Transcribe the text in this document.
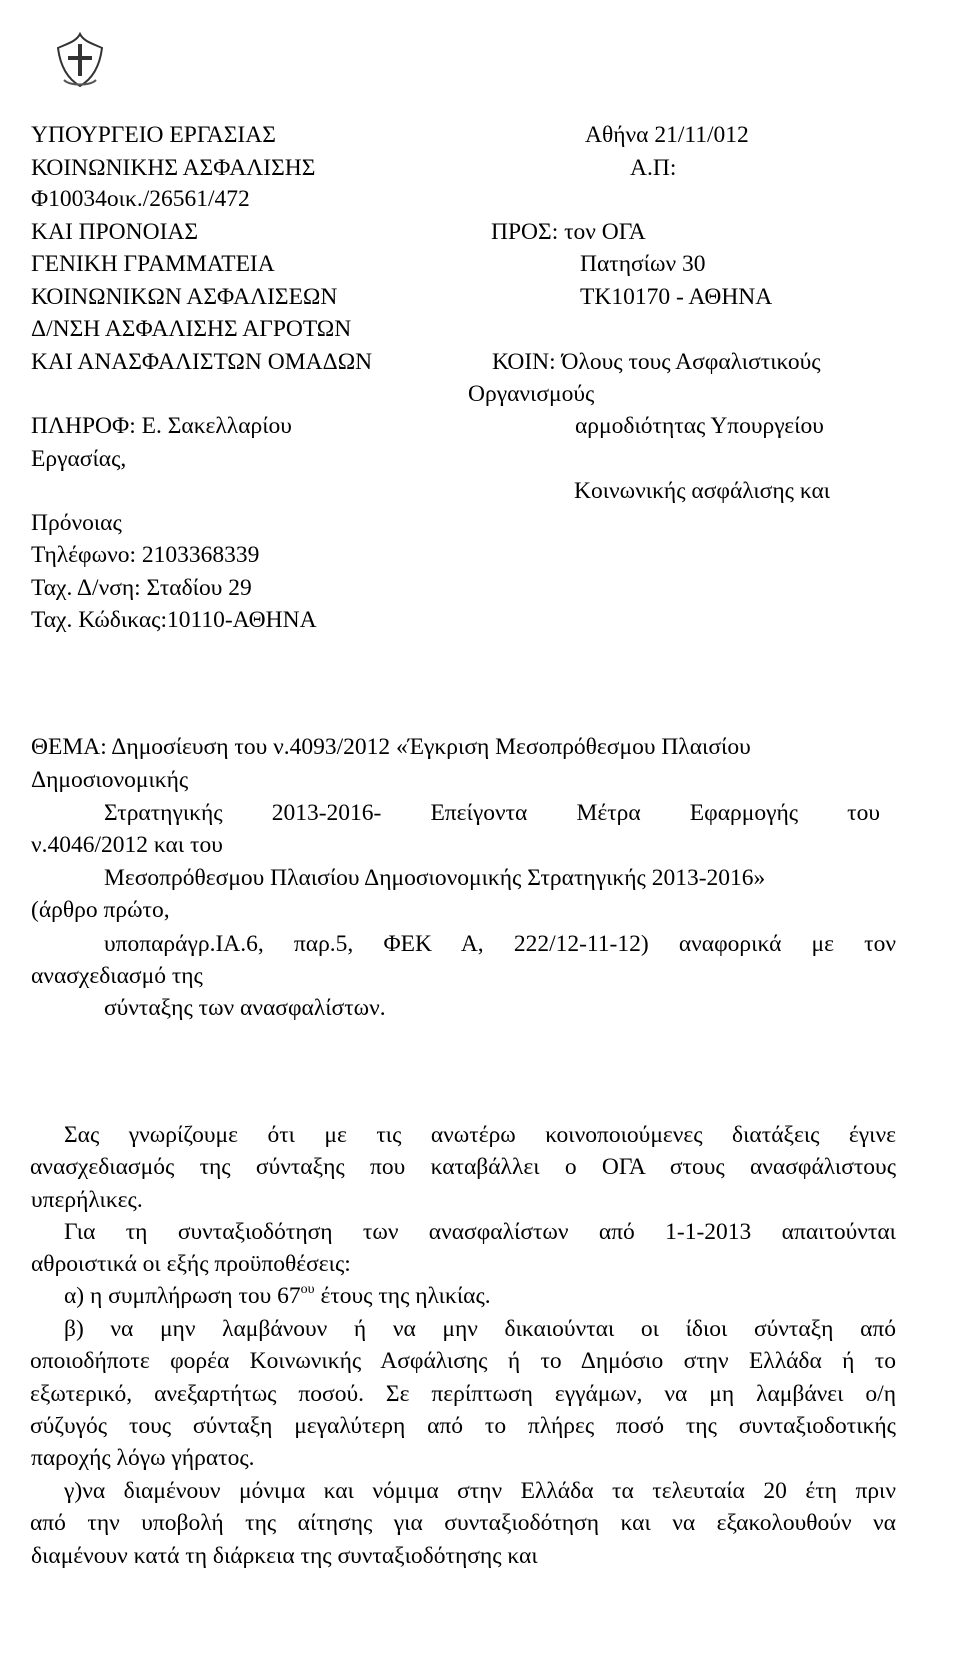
ΥΠΟΥΡΓΕΙΟ ΕΡΓΑΣΙΑΣ
ΚΟΙΝΩΝΙΚΗΣ ΑΣΦΑΛΙΣΗΣ
Φ10034οικ./26561/472
ΚΑΙ ΠΡΟΝΟΙΑΣ
ΓΕΝΙΚΗ ΓΡΑΜΜΑΤΕΙΑ
ΚΟΙΝΩΝΙΚΩΝ ΑΣΦΑΛΙΣΕΩΝ
Δ/ΝΣΗ ΑΣΦΑΛΙΣΗΣ ΑΓΡΟΤΩΝ
ΚΑΙ ΑΝΑΣΦΑΛΙΣΤΩΝ ΟΜΑΔΩΝ
Αθήνα 21/11/012
Α.Π:
ΠΡΟΣ: τον ΟΓΑ
Πατησίων 30
ΤΚ10170 - ΑΘΗΝΑ
ΚΟΙΝ: Όλους τους Ασφαλιστικούς
Οργανισμούς
αρμοδιότητας Υπουργείου
Κοινωνικής ασφάλισης και
ΠΛΗΡΟΦ: Ε. Σακελλαρίου
Εργασίας,
Πρόνοιας
Τηλέφωνο: 2103368339
Ταχ. Δ/νση: Σταδίου 29
Ταχ. Κώδικας:10110-ΑΘΗΝΑ
ΘΕΜΑ: Δημοσίευση του ν.4093/2012 «Έγκριση Μεσοπρόθεσμου Πλαισίου
Δημοσιονομικής
Στρατηγικής 2013-2016- Επείγοντα Μέτρα Εφαρμογής του
ν.4046/2012 και του
Μεσοπρόθεσμου Πλαισίου Δημοσιονομικής Στρατηγικής 2013-2016»
(άρθρο πρώτο,
υποπαράγρ.ΙΑ.6, παρ.5, ΦΕΚ Α, 222/12-11-12) αναφορικά με τον
ανασχεδιασμό της
σύνταξης των ανασφαλίστων.
Σας γνωρίζουμε ότι με τις ανωτέρω κοινοποιούμενες διατάξεις έγινε
ανασχεδιασμός της σύνταξης που καταβάλλει ο ΟΓΑ στους ανασφάλιστους
υπερήλικες.
Για τη συνταξιοδότηση των ανασφαλίστων από 1-1-2013 απαιτούνται
αθροιστικά οι εξής προϋποθέσεις:
α) η συμπλήρωση του $67^{o\upsilon}$ έτους της ηλικίας.
β) να μην λαμβάνουν ή να μην δικαιούνται οι ίδιοι σύνταξη από
οποιοδήποτε φορέα Κοινωνικής Ασφάλισης ή το Δημόσιο στην Ελλάδα ή το
εξωτερικό, ανεξαρτήτως ποσού. Σε περίπτωση εγγάμων, να μη λαμβάνει ο/η
σύζυγός τους σύνταξη μεγαλύτερη από το πλήρες ποσό της συνταξιοδοτικής
παροχής λόγω γήρατος.
γ)να διαμένουν μόνιμα και νόμιμα στην Ελλάδα τα τελευταία 20 έτη πριν
από την υποβολή της αίτησης για συνταξιοδότηση και να εξακολουθούν να
διαμένουν κατά τη διάρκεια της συνταξιοδότησης και
